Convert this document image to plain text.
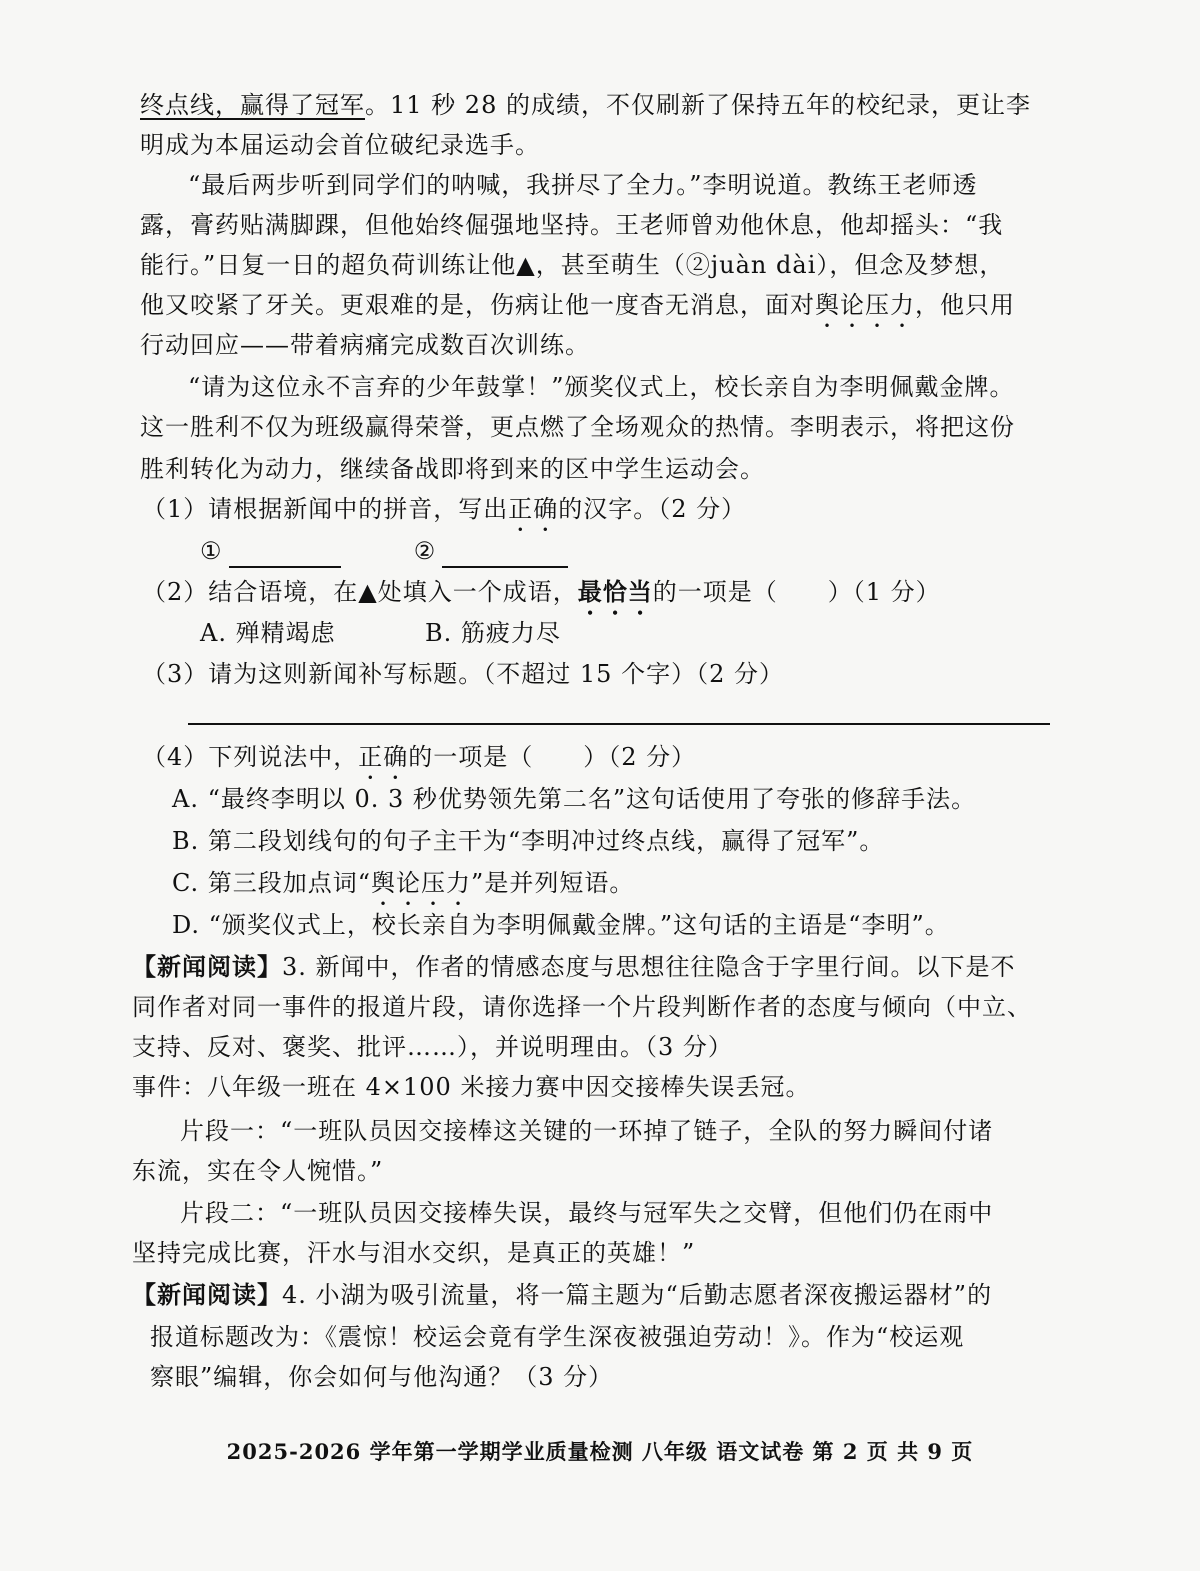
终点线，赢得了冠军。11 秒 28 的成绩，不仅刷新了保持五年的校纪录，更让李
明成为本届运动会首位破纪录选手。
“最后两步听到同学们的呐喊，我拼尽了全力。”李明说道。教练王老师透
露，膏药贴满脚踝，但他始终倔强地坚持。王老师曾劝他休息，他却摇头：“我
能行。”日复一日的超负荷训练让他▲，甚至萌生（②juàn dài），但念及梦想，
他又咬紧了牙关。更艰难的是，伤病让他一度杳无消息，面对舆论压力，他只用
行动回应——带着病痛完成数百次训练。
“请为这位永不言弃的少年鼓掌！”颁奖仪式上，校长亲自为李明佩戴金牌。
这一胜利不仅为班级赢得荣誉，更点燃了全场观众的热情。李明表示，将把这份
胜利转化为动力，继续备战即将到来的区中学生运动会。
（1）请根据新闻中的拼音，写出正确的汉字。（2 分）
①	②
（2）结合语境，在▲处填入一个成语，最恰当的一项是（　　）（1 分）
A. 殚精竭虑	B. 筋疲力尽
（3）请为这则新闻补写标题。（不超过 15 个字）（2 分）
（4）下列说法中，正确的一项是（　　）（2 分）
A. “最终李明以 0. 3 秒优势领先第二名”这句话使用了夸张的修辞手法。
B. 第二段划线句的句子主干为“李明冲过终点线，赢得了冠军”。
C. 第三段加点词“舆论压力”是并列短语。
D. “颁奖仪式上，校长亲自为李明佩戴金牌。”这句话的主语是“李明”。
【新闻阅读】3. 新闻中，作者的情感态度与思想往往隐含于字里行间。以下是不
同作者对同一事件的报道片段，请你选择一个片段判断作者的态度与倾向（中立、
支持、反对、褒奖、批评……），并说明理由。（3 分）
事件：八年级一班在 4×100 米接力赛中因交接棒失误丢冠。
片段一：“一班队员因交接棒这关键的一环掉了链子，全队的努力瞬间付诸
东流，实在令人惋惜。”
片段二：“一班队员因交接棒失误，最终与冠军失之交臂，但他们仍在雨中
坚持完成比赛，汗水与泪水交织，是真正的英雄！”
【新闻阅读】4. 小湖为吸引流量，将一篇主题为“后勤志愿者深夜搬运器材”的
报道标题改为：《震惊！校运会竟有学生深夜被强迫劳动！》。作为“校运观
察眼”编辑，你会如何与他沟通？（3 分）
2025-2026 学年第一学期学业质量检测 八年级 语文试卷 第 2 页 共 9 页
